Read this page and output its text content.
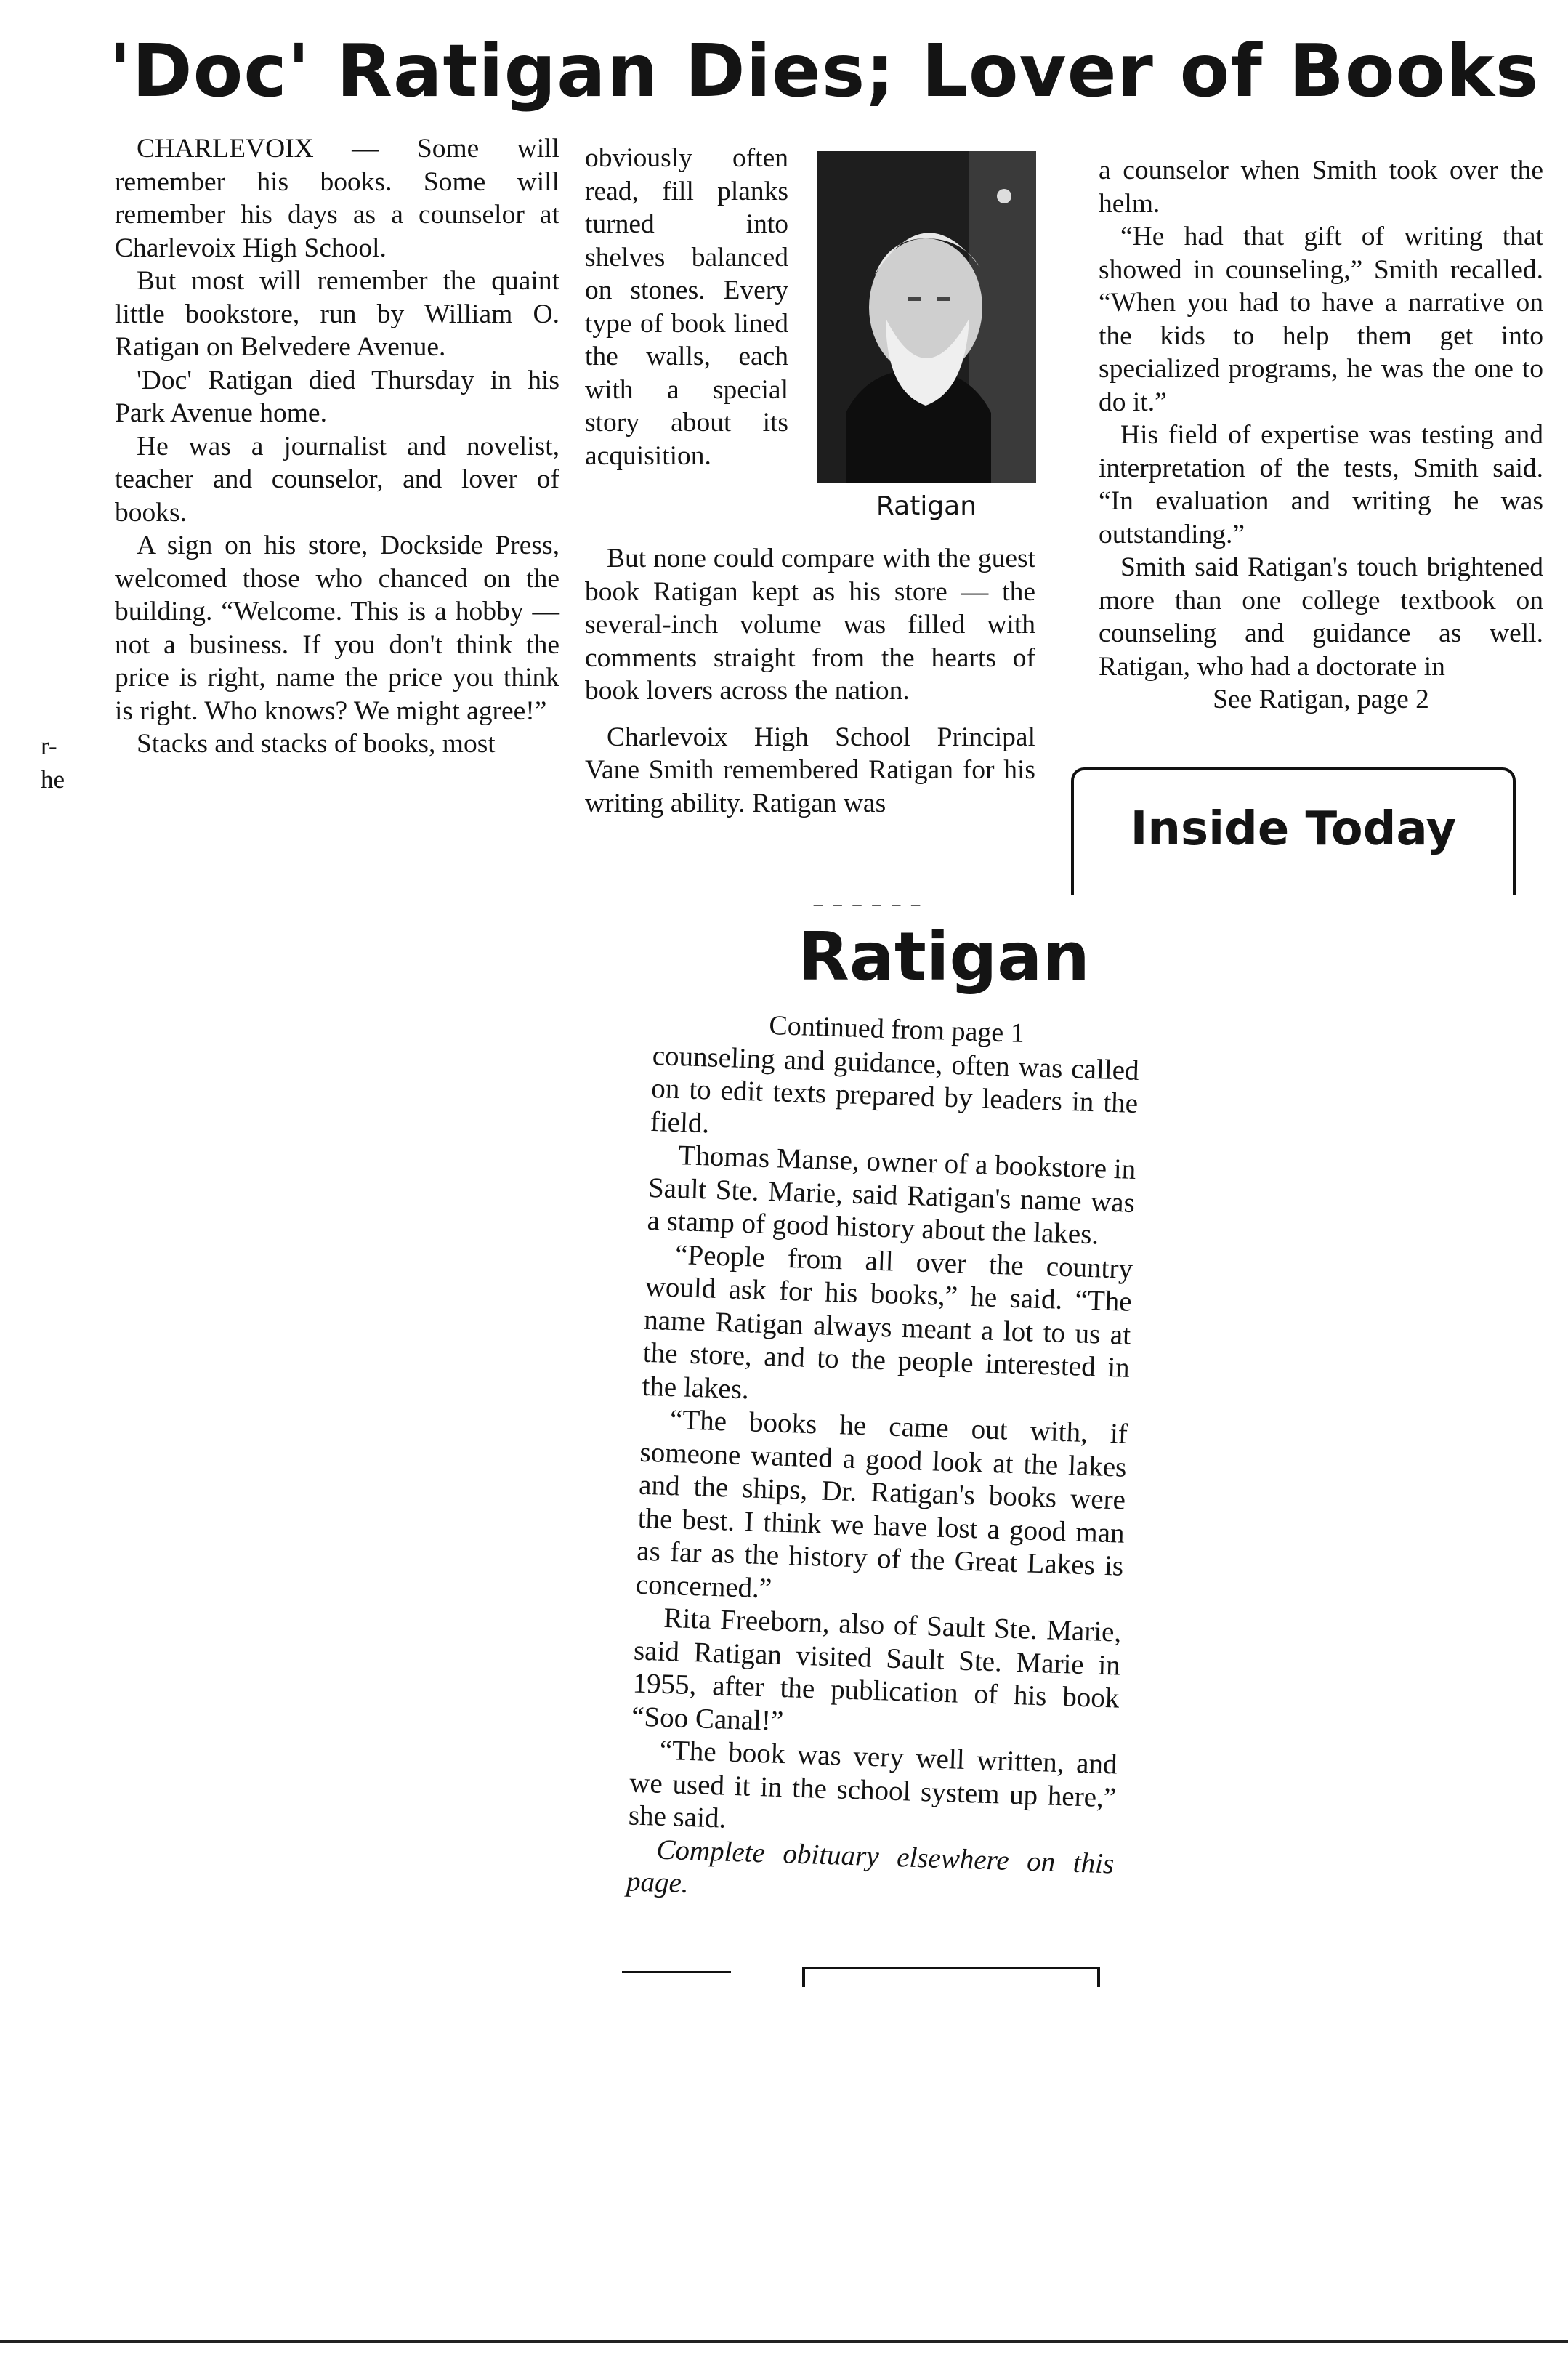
'Doc' Ratigan Dies; Lover of Books

CHARLEVOIX — Some will remember his books. Some will remember his days as a counselor at Charlevoix High School.

But most will remember the quaint little bookstore, run by William O. Ratigan on Belvedere Avenue.

'Doc' Ratigan died Thursday in his Park Avenue home.

He was a journalist and novelist, teacher and counselor, and lover of books.

A sign on his store, Dockside Press, welcomed those who chanced on the building. “Welcome. This is a hobby — not a business. If you don't think the price is right, name the price you think is right. Who knows? We might agree!”

Stacks and stacks of books, most

obviously often read, fill planks turned into shelves balanced on stones. Every type of book lined the walls, each with a special story about its acquisition.

Ratigan

But none could compare with the guest book Ratigan kept as his store — the several-inch volume was filled with comments straight from the hearts of book lovers across the nation.

Charlevoix High School Principal Vane Smith remembered Ratigan for his writing ability. Ratigan was

a counselor when Smith took over the helm.

“He had that gift of writing that showed in counseling,” Smith recalled. “When you had to have a narrative on the kids to help them get into specialized programs, he was the one to do it.”

His field of expertise was testing and interpretation of the tests, Smith said. “In evaluation and writing he was outstanding.”

Smith said Ratigan's touch brightened more than one college textbook on counseling and guidance as well. Ratigan, who had a doctorate in

See Ratigan, page 2

Inside Today
— — — — — —
Ratigan

Continued from page 1

counseling and guidance, often was called on to edit texts prepared by leaders in the field.

Thomas Manse, owner of a bookstore in Sault Ste. Marie, said Ratigan's name was a stamp of good history about the lakes.

“People from all over the country would ask for his books,” he said. “The name Ratigan always meant a lot to us at the store, and to the people interested in the lakes.

“The books he came out with, if someone wanted a good look at the lakes and the ships, Dr. Ratigan's books were the best. I think we have lost a good man as far as the history of the Great Lakes is concerned.”

Rita Freeborn, also of Sault Ste. Marie, said Ratigan visited Sault Ste. Marie in 1955, after the publication of his book “Soo Canal!”

“The book was very well written, and we used it in the school system up here,” she said.

Complete obituary elsewhere on this page.

r-
he
